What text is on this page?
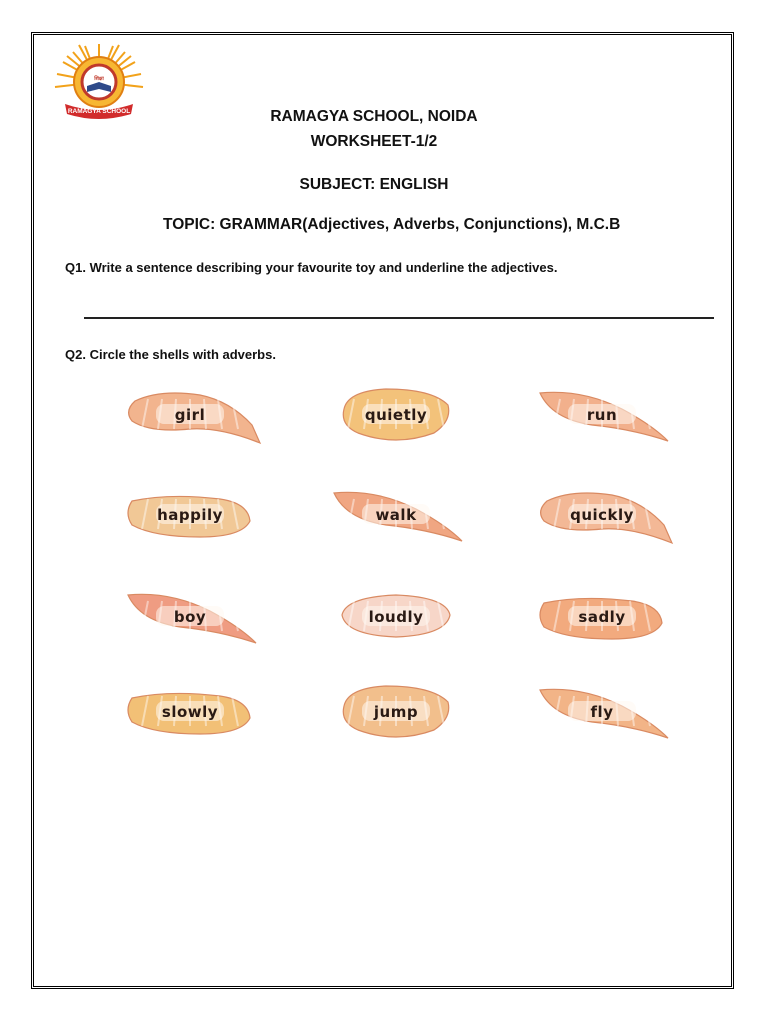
शिक्षा
RAMAGYA SCHOOL	RAMAGYA SCHOOL, NOIDA
WORKSHEET-1/2
SUBJECT: ENGLISH
TOPIC: GRAMMAR(Adjectives, Adverbs, Conjunctions), M.C.B
Q1. Write a sentence describing your favourite toy and underline the adjectives.
Q2. Circle the shells with adverbs.
girl	quietly	run
happily	walk	quickly
boy	loudly	sadly
slowly	jump	fly
